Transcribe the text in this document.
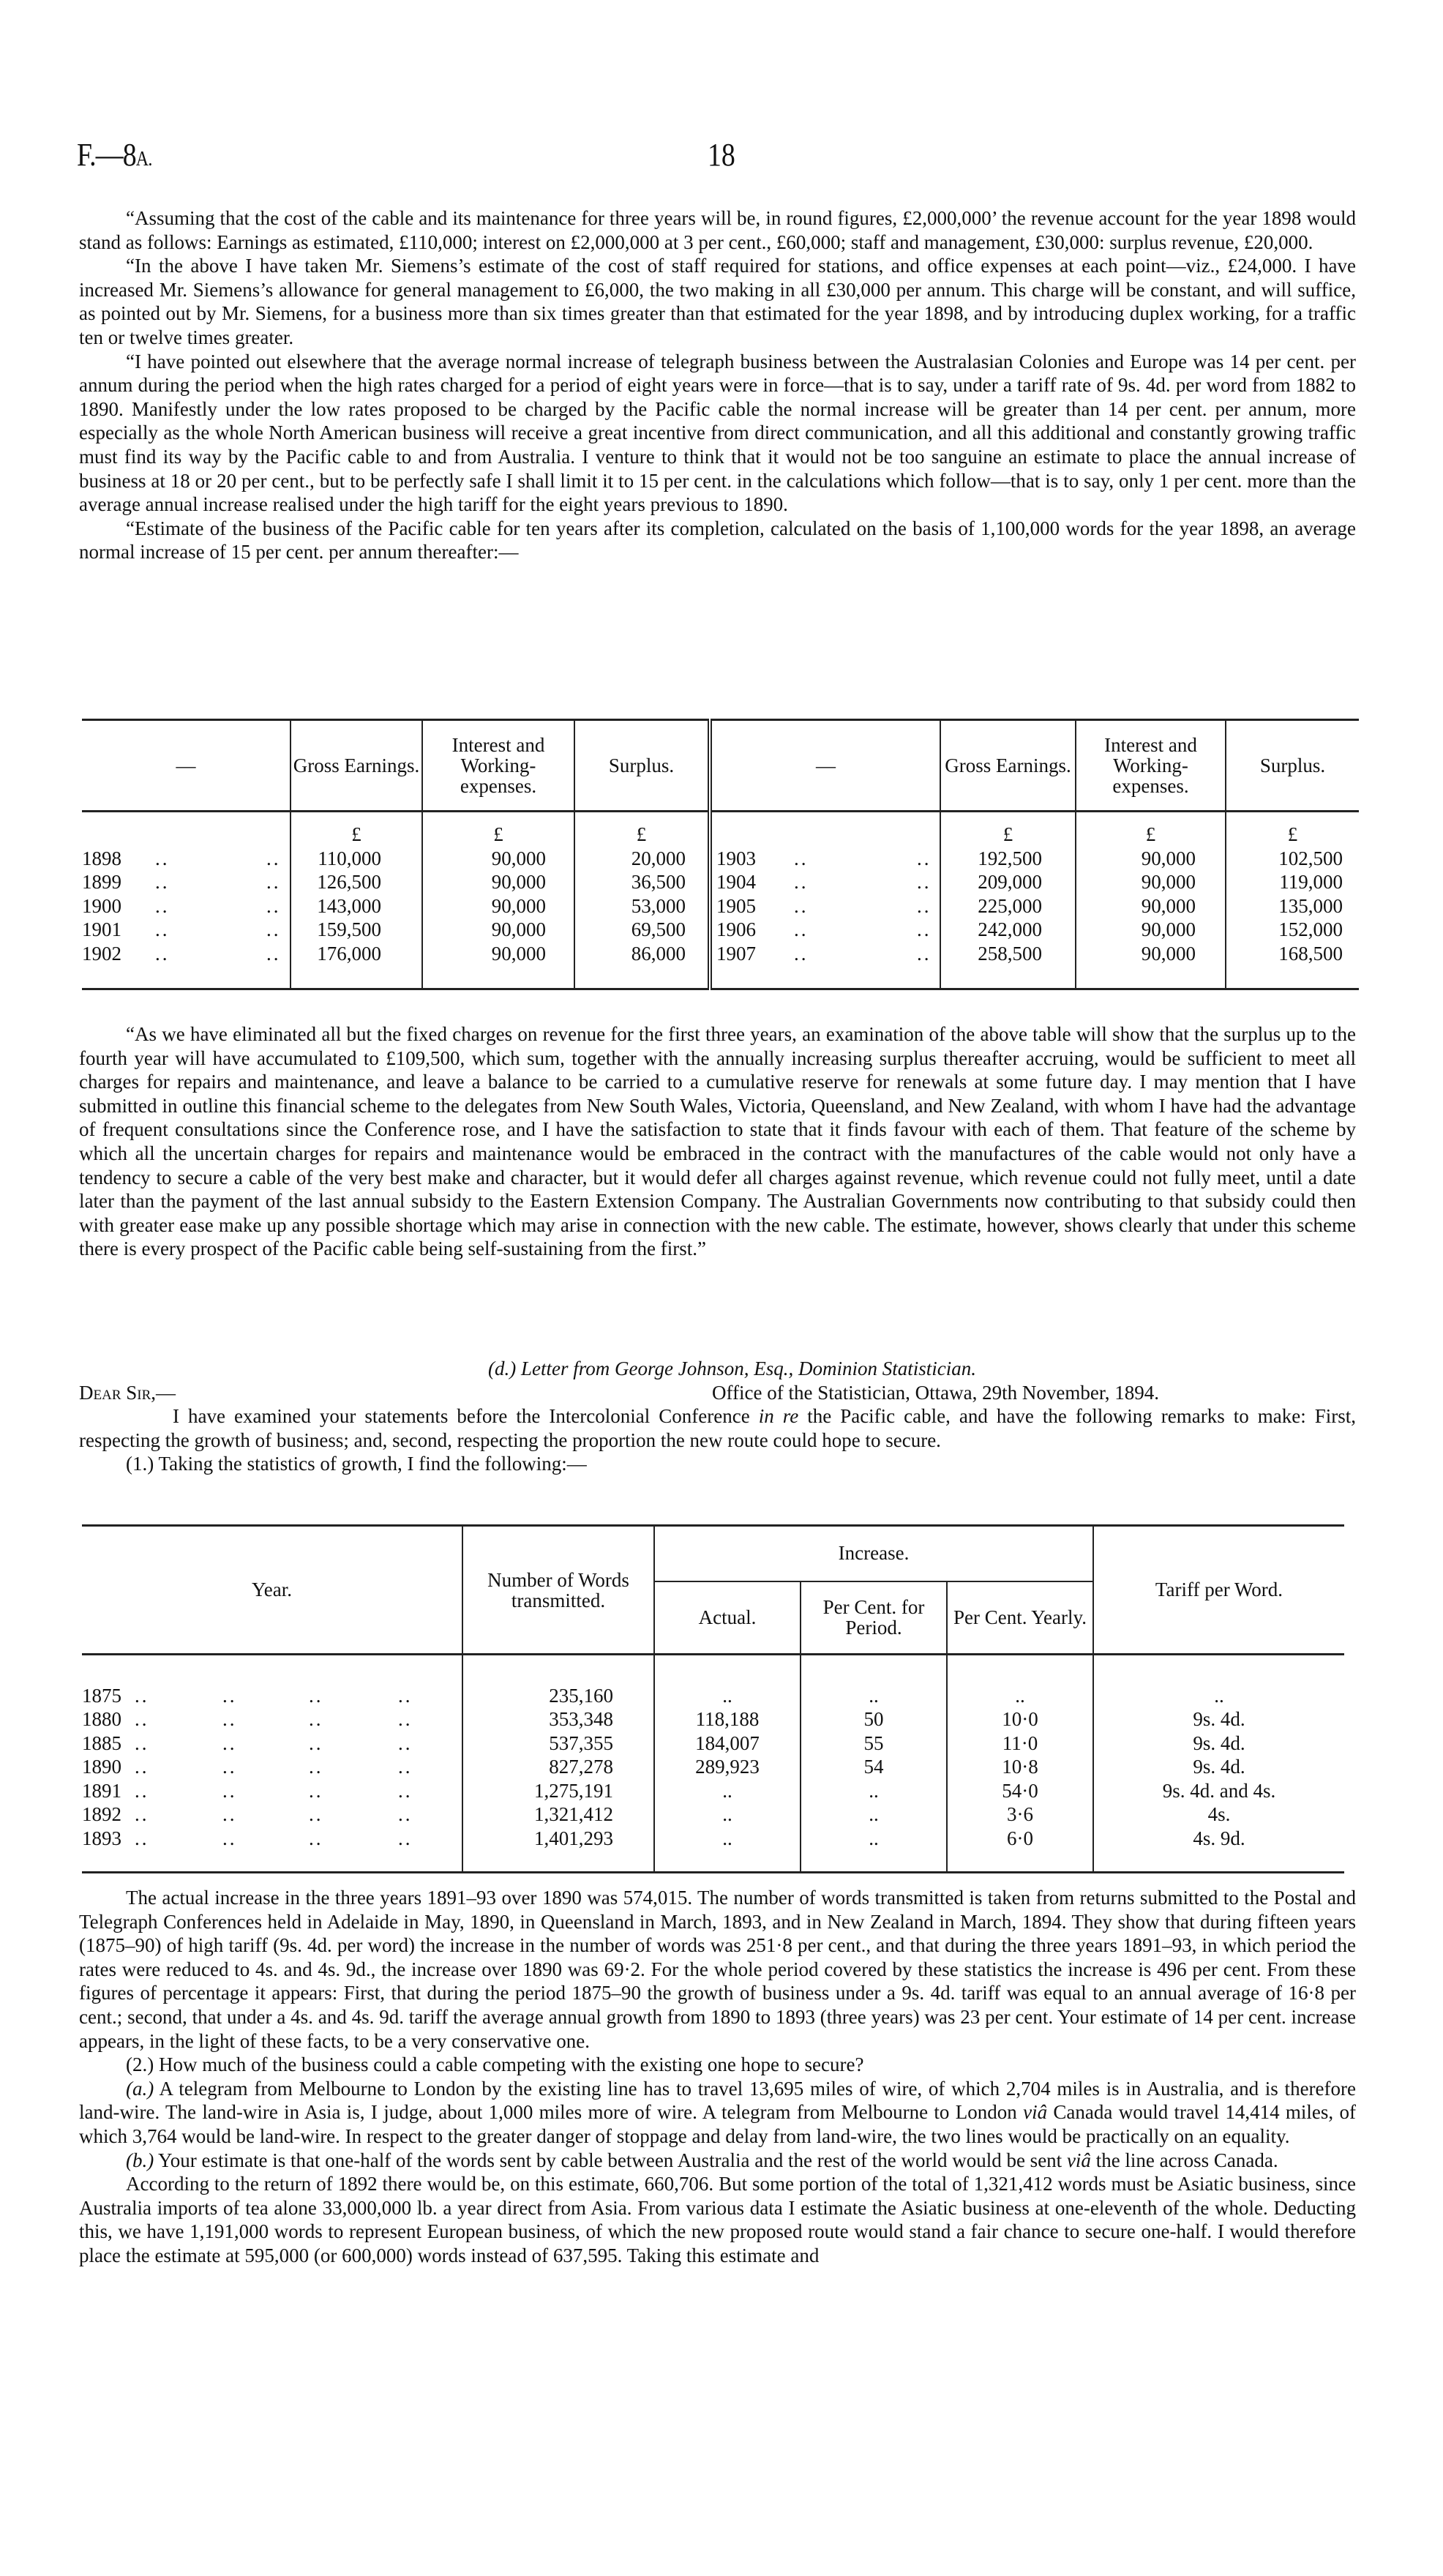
F.—8A.	18

“Assuming that the cost of the cable and its maintenance for three years will be, in round figures, £2,000,000’ the revenue account for the year 1898 would stand as follows: Earnings as estimated, £110,000; interest on £2,000,000 at 3 per cent., £60,000; staff and management, £30,000: surplus revenue, £20,000.

“In the above I have taken Mr. Siemens’s estimate of the cost of staff required for stations, and office expenses at each point—viz., £24,000. I have increased Mr. Siemens’s allowance for general management to £6,000, the two making in all £30,000 per annum. This charge will be constant, and will suffice, as pointed out by Mr. Siemens, for a business more than six times greater than that estimated for the year 1898, and by introducing duplex working, for a traffic ten or twelve times greater.

“I have pointed out elsewhere that the average normal increase of telegraph business between the Australasian Colonies and Europe was 14 per cent. per annum during the period when the high rates charged for a period of eight years were in force—that is to say, under a tariff rate of 9s. 4d. per word from 1882 to 1890. Manifestly under the low rates proposed to be charged by the Pacific cable the normal increase will be greater than 14 per cent. per annum, more especially as the whole North American business will receive a great incentive from direct communication, and all this additional and constantly growing traffic must find its way by the Pacific cable to and from Australia. I venture to think that it would not be too sanguine an estimate to place the annual increase of business at 18 or 20 per cent., but to be perfectly safe I shall limit it to 15 per cent. in the calculations which follow—that is to say, only 1 per cent. more than the average annual increase realised under the high tariff for the eight years previous to 1890.

“Estimate of the business of the Pacific cable for ten years after its completion, calculated on the basis of 1,100,000 words for the year 1898, an average normal increase of 15 per cent. per annum thereafter:—

—	Gross Earnings.	Interest and Working-expenses.	Surplus.	—	Gross Earnings.	Interest and Working-expenses.	Surplus.
	£	£	£		£	£	£
1898 .. ..	110,000	90,000	20,000	1903 .. ..	192,500	90,000	102,500
1899 .. ..	126,500	90,000	36,500	1904 .. ..	209,000	90,000	119,000
1900 .. ..	143,000	90,000	53,000	1905 .. ..	225,000	90,000	135,000
1901 .. ..	159,500	90,000	69,500	1906 .. ..	242,000	90,000	152,000
1902 .. ..	176,000	90,000	86,000	1907 .. ..	258,500	90,000	168,500

“As we have eliminated all but the fixed charges on revenue for the first three years, an examination of the above table will show that the surplus up to the fourth year will have accumulated to £109,500, which sum, together with the annually increasing surplus thereafter accruing, would be sufficient to meet all charges for repairs and maintenance, and leave a balance to be carried to a cumulative reserve for renewals at some future day. I may mention that I have submitted in outline this financial scheme to the delegates from New South Wales, Victoria, Queensland, and New Zealand, with whom I have had the advantage of frequent consultations since the Conference rose, and I have the satisfaction to state that it finds favour with each of them. That feature of the scheme by which all the uncertain charges for repairs and maintenance would be embraced in the contract with the manufactures of the cable would not only have a tendency to secure a cable of the very best make and character, but it would defer all charges against revenue, which revenue could not fully meet, until a date later than the payment of the last annual subsidy to the Eastern Extension Company. The Australian Governments now contributing to that subsidy could then with greater ease make up any possible shortage which may arise in connection with the new cable. The estimate, however, shows clearly that under this scheme there is every prospect of the Pacific cable being self-sustaining from the first.”

(d.) Letter from George Johnson, Esq., Dominion Statistician.
Dear Sir,—	Office of the Statistician, Ottawa, 29th November, 1894.

I have examined your statements before the Intercolonial Conference in re the Pacific cable, and have the following remarks to make: First, respecting the growth of business; and, second, respecting the proportion the new route could hope to secure.

(1.) Taking the statistics of growth, I find the following:—

Year.	Number of Words transmitted.	Increase.			Tariff per Word.
		Actual.	Per Cent. for Period.	Per Cent. Yearly.	

1875 .. .. .. ..	235,160	..	..	..	..
1880 .. .. .. ..	353,348	118,188	50	10·0	9s. 4d.
1885 .. .. .. ..	537,355	184,007	55	11·0	9s. 4d.
1890 .. .. .. ..	827,278	289,923	54	10·8	9s. 4d.
1891 .. .. .. ..	1,275,191	..	..	54·0	9s. 4d. and 4s.
1892 .. .. .. ..	1,321,412	..	..	3·6	4s.
1893 .. .. .. ..	1,401,293	..	..	6·0	4s. 9d.

The actual increase in the three years 1891–93 over 1890 was 574,015. The number of words transmitted is taken from returns submitted to the Postal and Telegraph Conferences held in Adelaide in May, 1890, in Queensland in March, 1893, and in New Zealand in March, 1894. They show that during fifteen years (1875–90) of high tariff (9s. 4d. per word) the increase in the number of words was 251·8 per cent., and that during the three years 1891–93, in which period the rates were reduced to 4s. and 4s. 9d., the increase over 1890 was 69·2. For the whole period covered by these statistics the increase is 496 per cent. From these figures of percentage it appears: First, that during the period 1875–90 the growth of business under a 9s. 4d. tariff was equal to an annual average of 16·8 per cent.; second, that under a 4s. and 4s. 9d. tariff the average annual growth from 1890 to 1893 (three years) was 23 per cent. Your estimate of 14 per cent. increase appears, in the light of these facts, to be a very conservative one.

(2.) How much of the business could a cable competing with the existing one hope to secure?

(a.) A telegram from Melbourne to London by the existing line has to travel 13,695 miles of wire, of which 2,704 miles is in Australia, and is therefore land-wire. The land-wire in Asia is, I judge, about 1,000 miles more of wire. A telegram from Melbourne to London viâ Canada would travel 14,414 miles, of which 3,764 would be land-wire. In respect to the greater danger of stoppage and delay from land-wire, the two lines would be practically on an equality.

(b.) Your estimate is that one-half of the words sent by cable between Australia and the rest of the world would be sent viâ the line across Canada.

According to the return of 1892 there would be, on this estimate, 660,706. But some portion of the total of 1,321,412 words must be Asiatic business, since Australia imports of tea alone 33,000,000 lb. a year direct from Asia. From various data I estimate the Asiatic business at one-eleventh of the whole. Deducting this, we have 1,191,000 words to represent European business, of which the new proposed route would stand a fair chance to secure one-half. I would therefore place the estimate at 595,000 (or 600,000) words instead of 637,595. Taking this estimate and
